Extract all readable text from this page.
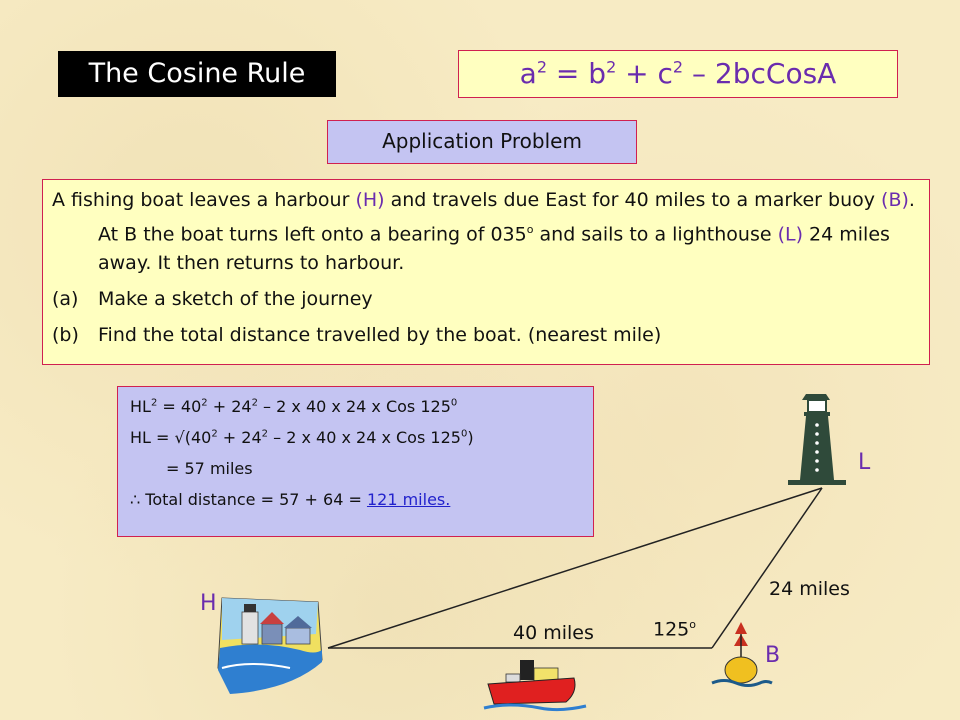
The Cosine Rule	$a^2 = b^2 + c^2$ – 2bcCosA
Application Problem

A fishing boat leaves a harbour (H) and travels due East for 40 miles to a marker buoy (B). At B the boat turns left onto a bearing of 035$^o$ and sails to a lighthouse (L) 24 miles away. It then returns to harbour.

(a)	Make a sketch of the journey
(b)	Find the total distance travelled by the boat. (nearest mile)
$HL^2 = 40^2 + 24^2 - 2$ x 40 x 24 x Cos $125^0$
HL = $√(40^2 + 24^2 - 2$ x 40 x 24 x Cos $125^0$)
= 57 miles
∴ Total distance = 57 + 64 = 121 miles.
H
B
L
40 miles
24 miles
125$^o$
